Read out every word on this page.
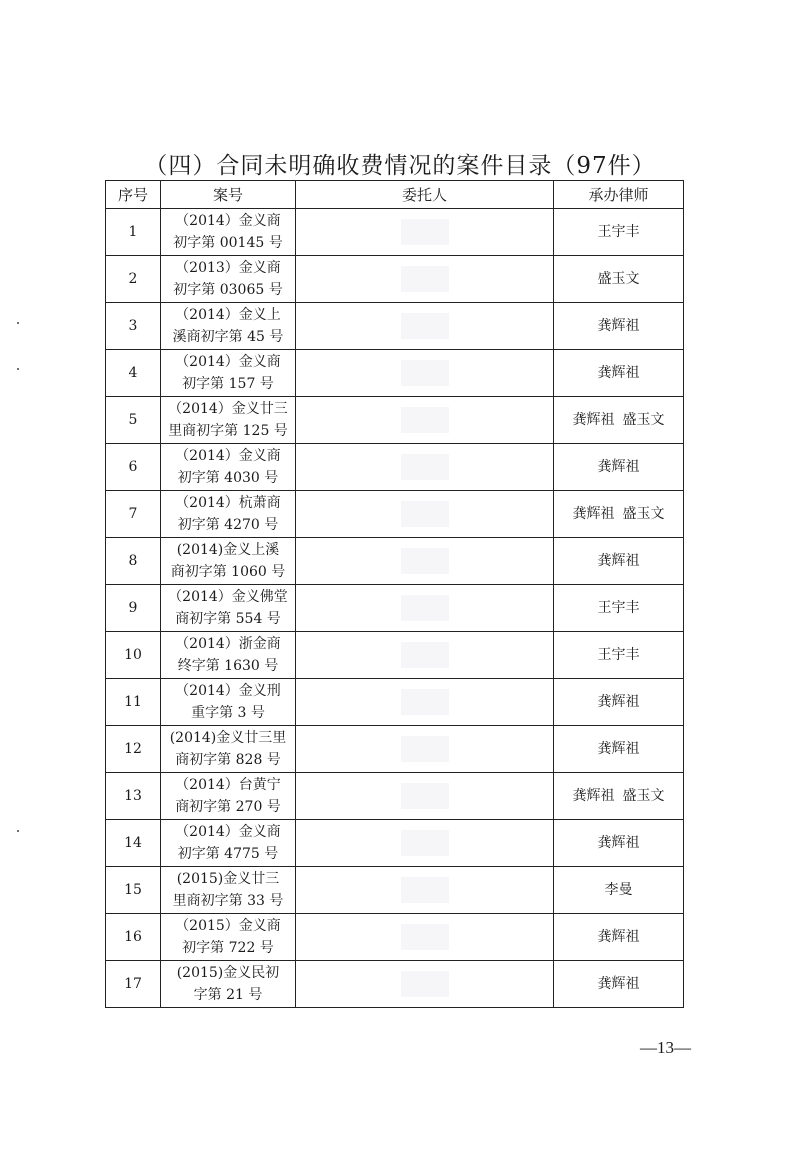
（四）合同未明确收费情况的案件目录（97件）
序号	案号	委托人	承办律师
1	（2014）金义商
初字第 00145 号		王宇丰
2	（2013）金义商
初字第 03065 号		盛玉文
3	（2014）金义上
溪商初字第 45 号		龚辉祖
4	（2014）金义商
初字第 157 号		龚辉祖
5	（2014）金义廿三
里商初字第 125 号		龚辉祖 盛玉文
6	（2014）金义商
初字第 4030 号		龚辉祖
7	（2014）杭萧商
初字第 4270 号		龚辉祖 盛玉文
8	(2014)金义上溪
商初字第 1060 号		龚辉祖
9	（2014）金义佛堂
商初字第 554 号		王宇丰
10	（2014）浙金商
终字第 1630 号		王宇丰
11	（2014）金义刑
重字第 3 号		龚辉祖
12	(2014)金义廿三里
商初字第 828 号		龚辉祖
13	（2014）台黄宁
商初字第 270 号		龚辉祖 盛玉文
14	（2014）金义商
初字第 4775 号		龚辉祖
15	(2015)金义廿三
里商初字第 33 号		李曼
16	（2015）金义商
初字第 722 号		龚辉祖
17	(2015)金义民初
字第 21 号		龚辉祖
—13—
